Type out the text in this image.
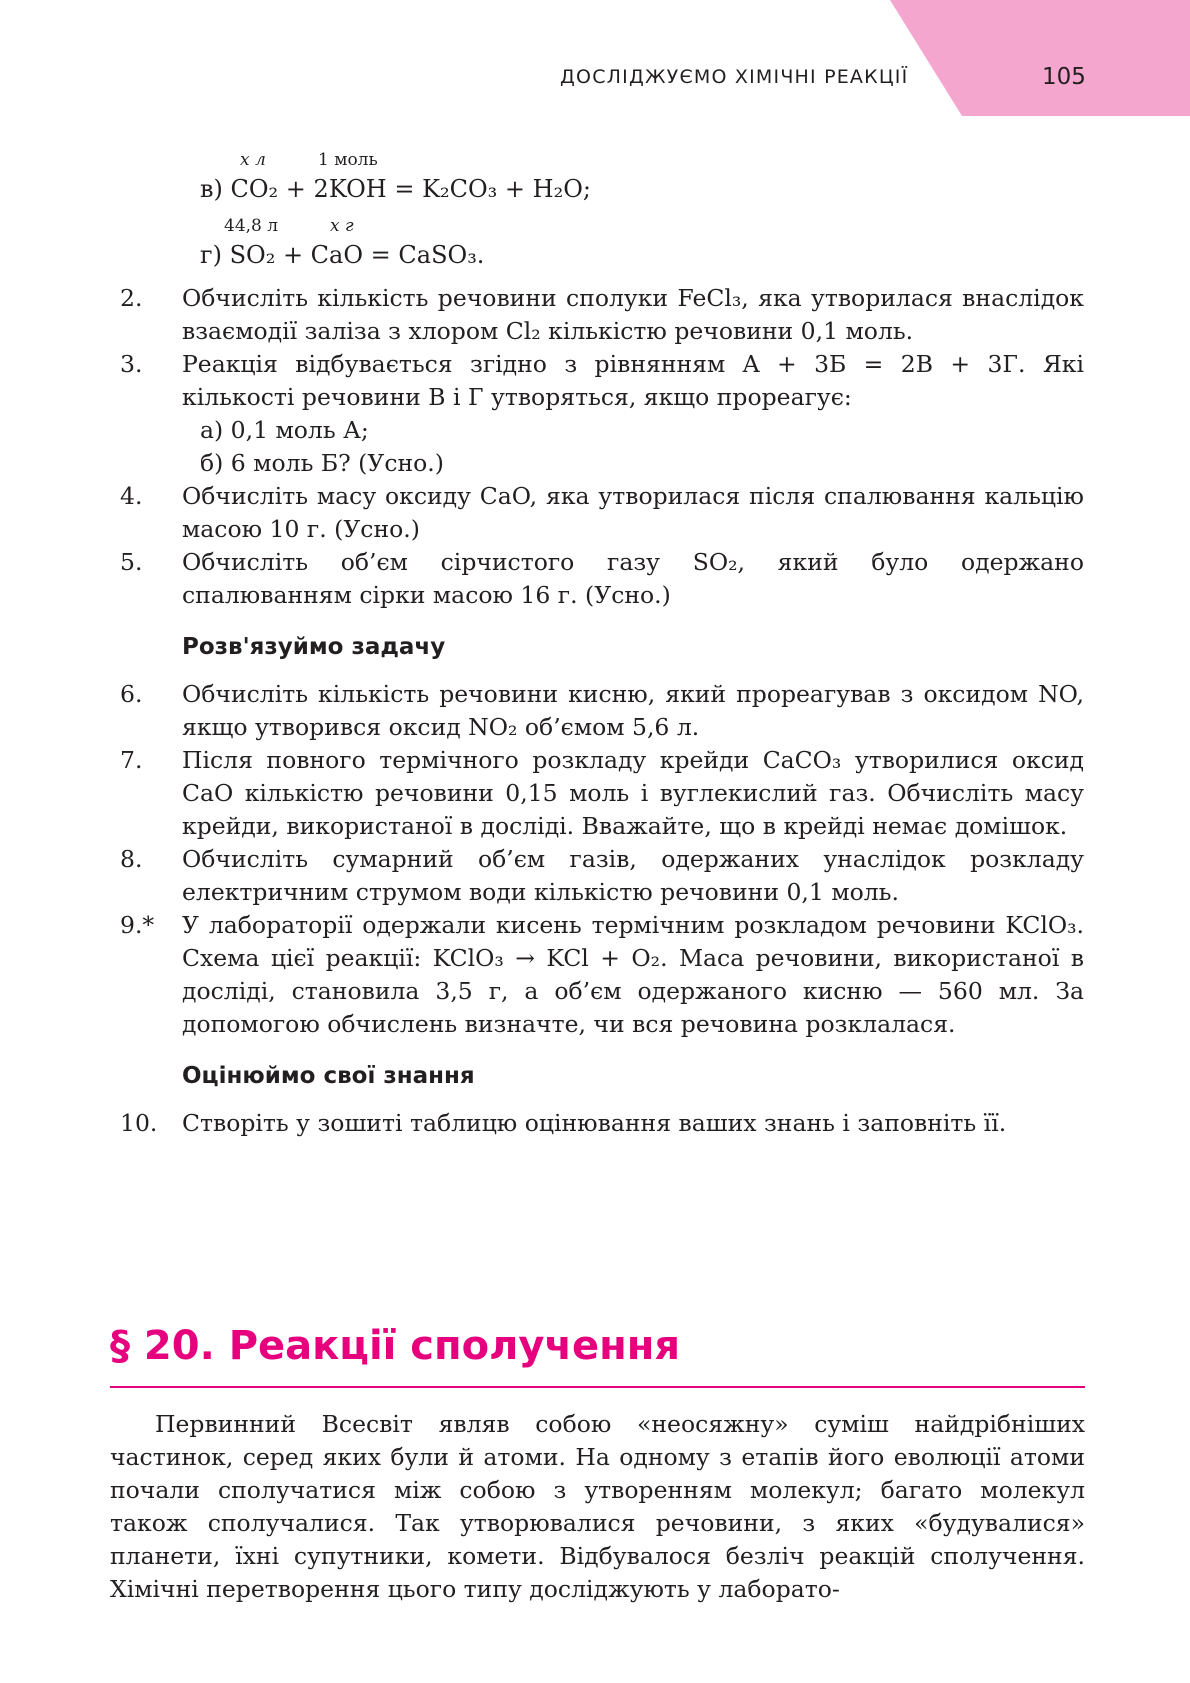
ДОСЛІДЖУЄМО ХІМІЧНІ РЕАКЦІЇ	105
x л	1 моль
в) CO₂ + 2KOH = K₂CO₃ + H₂O;
44,8 л	x г
г) SO₂ + CaO = CaSO₃.
2. Обчисліть кількість речовини сполуки FeCl₃, яка утворилася внаслідок взаємодії заліза з хлором Cl₂ кількістю речовини 0,1 моль.
3. Реакція відбувається згідно з рівнянням A + 3Б = 2В + 3Г. Які кількості речовини В і Г утворяться, якщо прореагує:
а) 0,1 моль А;
б) 6 моль Б? (Усно.)
4. Обчисліть масу оксиду CaO, яка утворилася після спалювання кальцію масою 10 г. (Усно.)
5. Обчисліть об’єм сірчистого газу SO₂, який було одержано спалюванням сірки масою 16 г. (Усно.)
Розв'язуймо задачу
6. Обчисліть кількість речовини кисню, який прореагував з оксидом NO, якщо утворився оксид NO₂ об’ємом 5,6 л.
7. Після повного термічного розкладу крейди CaCO₃ утворилися оксид CaO кількістю речовини 0,15 моль і вуглекислий газ. Обчисліть масу крейди, використаної в досліді. Вважайте, що в крейді немає домішок.
8. Обчисліть сумарний об’єм газів, одержаних унаслідок розкладу електричним струмом води кількістю речовини 0,1 моль.
9.* У лабораторії одержали кисень термічним розкладом речовини KClO₃. Схема цієї реакції: KClO₃ → KCl + O₂. Маса речовини, використаної в досліді, становила 3,5 г, а об’єм одержаного кисню — 560 мл. За допомогою обчислень визначте, чи вся речовина розклалася.
Оцінюймо свої знання
10. Створіть у зошиті таблицю оцінювання ваших знань і заповніть її.
§ 20. Реакції сполучення
Первинний Всесвіт являв собою «неосяжну» суміш найдрібніших частинок, серед яких були й атоми. На одному з етапів його еволюції атоми почали сполучатися між собою з утворенням молекул; багато молекул також сполучалися. Так утворювалися речовини, з яких «будувалися» планети, їхні супутники, комети. Відбувалося безліч реакцій сполучення. Хімічні перетворення цього типу досліджують у лаборато-
